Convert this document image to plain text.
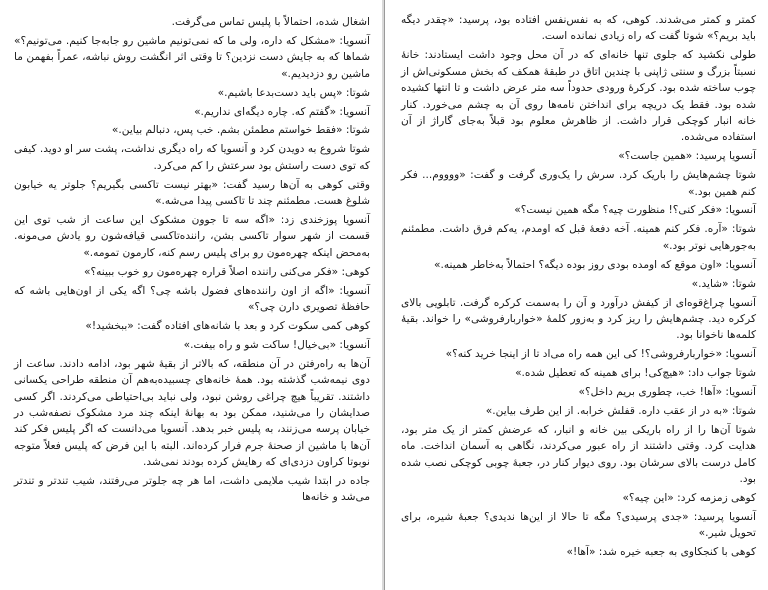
اشغال شده، احتمالاً با پلیس تماس می‌گرفت.

آنسویا: «مشکل که داره، ولی ما که نمی‌تونیم ماشین رو جابه‌جا کنیم. می‌تونیم؟» شماها که به جایش دست نزدین؟ تا وقتی اثر انگشت روش نباشه، عمراً بفهمن ما ماشین رو دزدیدیم.»

شوتا: «پس باید دست‌بدعا باشیم.»

آنسویا: «گفتم که. چاره دیگه‌ای نداریم.»

شوتا: «فقط خواستم مطمئن بشم. خب پس، دنبالم بیاین.»

شوتا شروع به دویدن کرد و آنسویا که راه دیگری نداشت، پشت سر او دوید. کیفی که توی دست راستش بود سرعتش را کم می‌کرد.

وقتی کوهی به آن‌ها رسید گفت: «بهتر نیست تاکسی بگیریم؟ جلوتر یه خیابون شلوغ هست. مطمئنم چند تا تاکسی پیدا می‌شه.»

آنسویا پوزخندی زد: «اگه سه تا جوون مشکوک این ساعت از شب توی این قسمت از شهر سوار تاکسی بشن، راننده‌تاکسی قیافه‌شون رو یادش می‌مونه. به‌محض اینکه چهره‌مون رو برای پلیس رسم کنه، کارمون تمومه.»

کوهی: «فکر می‌کنی راننده اصلاً قراره چهره‌مون رو خوب ببینه؟»

آنسویا: «اگه از اون راننده‌های فضول باشه چی؟ اگه یکی از اون‌هایی باشه که حافظهٔ تصویری دارن چی؟»

کوهی کمی سکوت کرد و بعد با شانه‌های افتاده گفت: «ببخشید!»

آنسویا: «بی‌خیال! ساکت شو و راه بیفت.»

آن‌ها به راه‌رفتن در آن منطقه، که بالاتر از بقیهٔ شهر بود، ادامه دادند. ساعت از دوی نیمه‌شب گذشته بود. همهٔ خانه‌های چسبیده‌به‌هم آن منطقه طراحی یکسانی داشتند. تقریباً هیچ چراغی روشن نبود، ولی نباید بی‌احتیاطی می‌کردند. اگر کسی صدایشان را می‌شنید، ممکن بود به بهانهٔ اینکه چند مرد مشکوک نصفه‌شب در خیابان پرسه می‌زنند، به پلیس خبر بدهد. آنسویا می‌دانست که اگر پلیس فکر کند آن‌ها با ماشین از صحنهٔ جرم فرار کرده‌اند. البته با این فرض که پلیس فعلاً متوجه نوبوتا کراون دزدی‌ای که رهایش کرده بودند نمی‌شد.

جاده در ابتدا شیب ملایمی داشت، اما هر چه جلوتر می‌رفتند، شیب تندتر و تندتر می‌شد و خانه‌ها

کمتر و کمتر می‌شدند. کوهی، که به نفس‌نفس افتاده بود، پرسید: «چقدر دیگه باید بریم؟» شوتا گفت که راه زیادی نمانده است.

طولی نکشید که جلوی تنها خانه‌ای که در آن محل وجود داشت ایستادند: خانهٔ نسبتاً بزرگ و سنتی ژاپنی با چندین اتاق در طبقهٔ همکف که بخش مسکونی‌اش از چوب ساخته شده بود. کرکرهٔ ورودی حدوداً سه متر عرض داشت و تا انتها کشیده شده بود. فقط یک دریچه برای انداختن نامه‌ها روی آن به چشم می‌خورد. کنار خانه انبار کوچکی قرار داشت. از ظاهرش معلوم بود قبلاً به‌جای گاراژ از آن استفاده می‌شده.

آنسویا پرسید: «همین جاست؟»

شوتا چشم‌هایش را باریک کرد. سرش را یک‌وری گرفت و گفت: «ووووم... فکر کنم همین بود.»

آنسویا: «فکر کنی؟! منظورت چیه؟ مگه همین نیست؟»

شوتا: «آره. فکر کنم همینه. آخه دفعهٔ قبل که اومدم، یه‌کم فرق داشت. مطمئنم به‌جورهایی نوتر بود.»

آنسویا: «اون موقع که اومده بودی روز بوده دیگه؟ احتمالاً به‌خاطر همینه.»

شوتا: «شاید.»

آنسویا چراغ‌قوه‌ای از کیفش درآورد و آن را به‌سمت کرکره گرفت. تابلویی بالای کرکره دید. چشم‌هایش را ریز کرد و به‌زور کلمهٔ «خواربارفروشی» را خواند. بقیهٔ کلمه‌ها ناخوانا بود.

آنسویا: «خواربارفروشی؟! کی این همه راه می‌اد تا از اینجا خرید کنه؟»

شوتا جواب داد: «هیچ‌کی! برای همینه که تعطیل شده.»

آنسویا: «آها! خب، چطوری بریم داخل؟»

شوتا: «به در از عقب داره. قفلش خرابه. از این طرف بیاین.»

شوتا آن‌ها را از راه باریکی بین خانه و انبار، که عرضش کمتر از یک متر بود، هدایت کرد. وقتی داشتند از راه عبور می‌کردند، نگاهی به آسمان انداخت. ماه کامل درست بالای سرشان بود. روی دیوار کنار در، جعبهٔ چوبی کوچکی نصب شده بود.

کوهی زمزمه کرد: «این چیه؟»

آنسویا پرسید: «جدی پرسیدی؟ مگه تا حالا از این‌ها ندیدی؟ جعبهٔ شیره، برای تحویل شیر.»

کوهی با کنجکاوی به جعبه خیره شد: «آها!»
